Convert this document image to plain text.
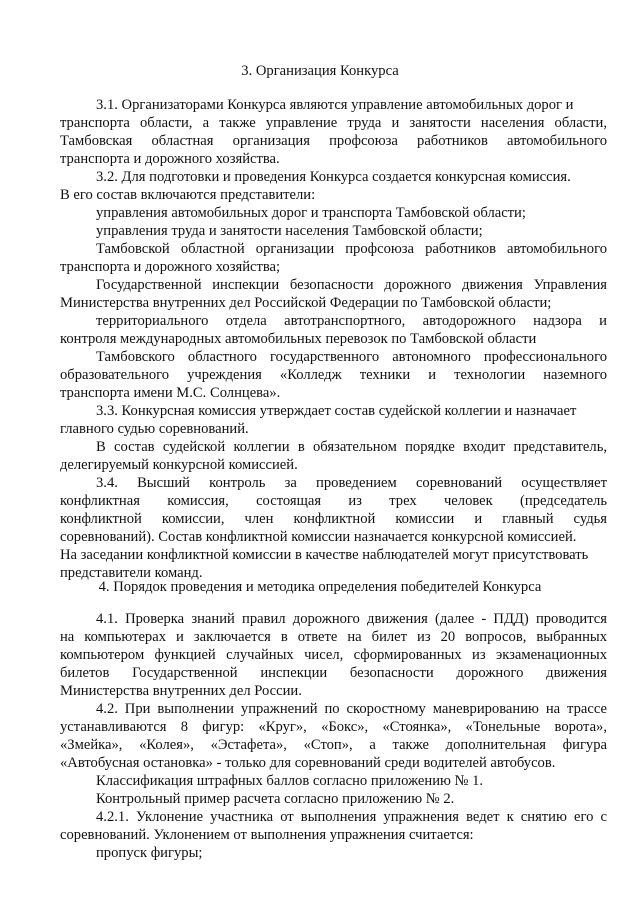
3. Организация Конкурса
3.1. Организаторами Конкурса являются управление автомобильных дорог и
транспорта области, а также управление труда и занятости населения области,
Тамбовская областная организация профсоюза работников автомобильного
транспорта и дорожного хозяйства.
3.2. Для подготовки и проведения Конкурса создается конкурсная комиссия.
В его состав включаются представители:
управления автомобильных дорог и транспорта Тамбовской области;
управления труда и занятости населения Тамбовской области;
Тамбовской областной организации профсоюза работников автомобильного
транспорта и дорожного хозяйства;
Государственной инспекции безопасности дорожного движения Управления
Министерства внутренних дел Российской Федерации по Тамбовской области;
территориального отдела автотранспортного, автодорожного надзора и
контроля международных автомобильных перевозок по Тамбовской области
Тамбовского областного государственного автономного профессионального
образовательного учреждения «Колледж техники и технологии наземного
транспорта имени М.С. Солнцева».
3.3. Конкурсная комиссия утверждает состав судейской коллегии и назначает
главного судью соревнований.
В состав судейской коллегии в обязательном порядке входит представитель,
делегируемый конкурсной комиссией.
3.4. Высший контроль за проведением соревнований осуществляет
конфликтная комиссия, состоящая из трех человек (председатель
конфликтной комиссии, член конфликтной комиссии и главный судья
соревнований). Состав конфликтной комиссии назначается конкурсной комиссией.
На заседании конфликтной комиссии в качестве наблюдателей могут присутствовать
представители команд.
4. Порядок проведения и методика определения победителей Конкурса
4.1. Проверка знаний правил дорожного движения (далее - ПДД) проводится
на компьютерах и заключается в ответе на билет из 20 вопросов, выбранных
компьютером функцией случайных чисел, сформированных из экзаменационных
билетов Государственной инспекции безопасности дорожного движения
Министерства внутренних дел России.
4.2. При выполнении упражнений по скоростному маневрированию на трассе
устанавливаются 8 фигур: «Круг», «Бокс», «Стоянка», «Тонельные ворота»,
«Змейка», «Колея», «Эстафета», «Стоп», а также дополнительная фигура
«Автобусная остановка» - только для соревнований среди водителей автобусов.
Классификация штрафных баллов согласно приложению № 1.
Контрольный пример расчета согласно приложению № 2.
4.2.1. Уклонение участника от выполнения упражнения ведет к снятию его с
соревнований. Уклонением от выполнения упражнения считается:
пропуск фигуры;
